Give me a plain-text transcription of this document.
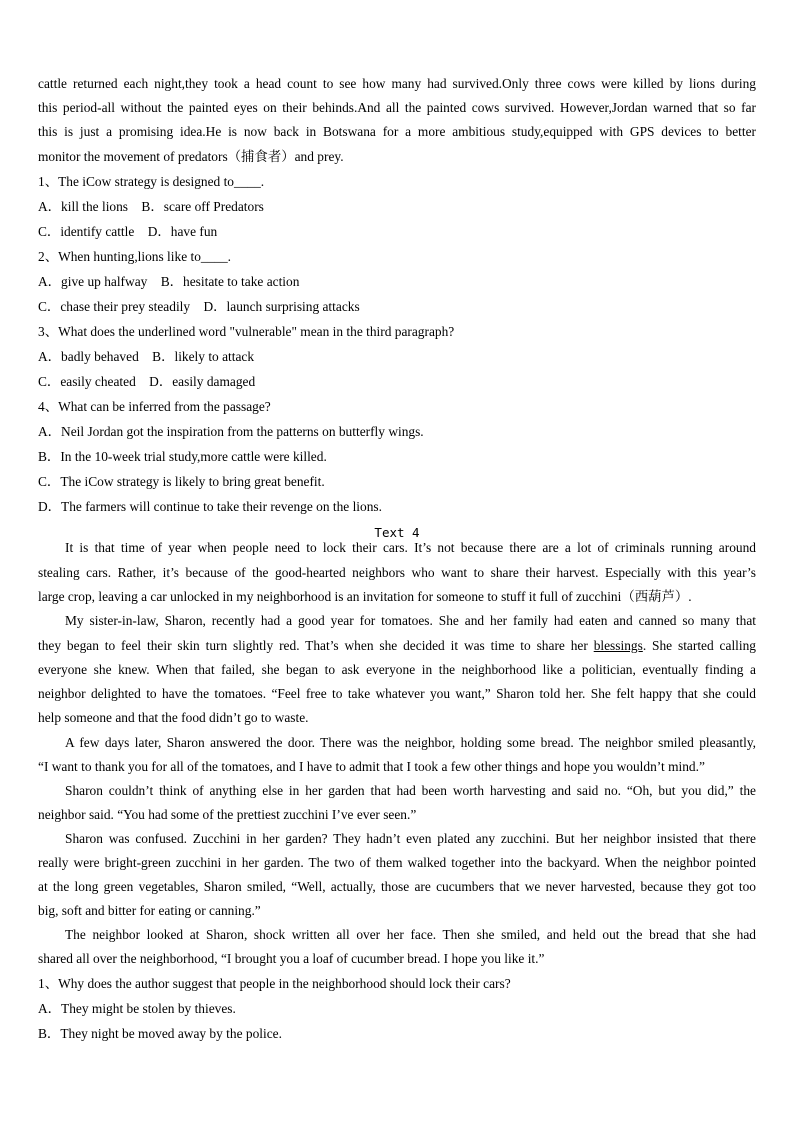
cattle returned each night,they took a head count to see how many had survived.Only three cows were killed by lions during
this period-all without the painted eyes on their behinds.And all the painted cows survived. However,Jordan warned that so far
this is just a promising idea.He is now back in Botswana for a more ambitious study,equipped with GPS devices to better
monitor the movement of predators（捕食者）and prey.
1、The iCow strategy is designed to____.
A．kill the lions　B．scare off Predators
C．identify cattle　D．have fun
2、When hunting,lions like to____.
A．give up halfway　B．hesitate to take action
C．chase their prey steadily　D．launch surprising attacks
3、What does the underlined word "vulnerable" mean in the third paragraph?
A．badly behaved　B．likely to attack
C．easily cheated　D．easily damaged
4、What can be inferred from the passage?
A．Neil Jordan got the inspiration from the patterns on butterfly wings.
B．In the 10-week trial study,more cattle were killed.
C．The iCow strategy is likely to bring great benefit.
D．The farmers will continue to take their revenge on the lions.
Text 4
It is that time of year when people need to lock their cars. It’s not because there are a lot of criminals running around
stealing cars. Rather, it’s because of the good-hearted neighbors who want to share their harvest. Especially with this year’s
large crop, leaving a car unlocked in my neighborhood is an invitation for someone to stuff it full of zucchini（西葫芦）.
My sister-in-law, Sharon, recently had a good year for tomatoes. She and her family had eaten and canned so many that
they began to feel their skin turn slightly red. That’s when she decided it was time to share her blessings. She started calling
everyone she knew. When that failed, she began to ask everyone in the neighborhood like a politician, eventually finding a
neighbor delighted to have the tomatoes. “Feel free to take whatever you want,” Sharon told her. She felt happy that she could
help someone and that the food didn’t go to waste.
A few days later, Sharon answered the door. There was the neighbor, holding some bread. The neighbor smiled pleasantly,
“I want to thank you for all of the tomatoes, and I have to admit that I took a few other things and hope you wouldn’t mind.”
Sharon couldn’t think of anything else in her garden that had been worth harvesting and said no. “Oh, but you did,” the
neighbor said. “You had some of the prettiest zucchini I’ve ever seen.”
Sharon was confused. Zucchini in her garden? They hadn’t even plated any zucchini. But her neighbor insisted that there
really were bright-green zucchini in her garden. The two of them walked together into the backyard. When the neighbor pointed
at the long green vegetables, Sharon smiled, “Well, actually, those are cucumbers that we never harvested, because they got too
big, soft and bitter for eating or canning.”
The neighbor looked at Sharon, shock written all over her face. Then she smiled, and held out the bread that she had
shared all over the neighborhood, “I brought you a loaf of cucumber bread. I hope you like it.”
1、Why does the author suggest that people in the neighborhood should lock their cars?
A．They might be stolen by thieves.
B．They night be moved away by the police.
